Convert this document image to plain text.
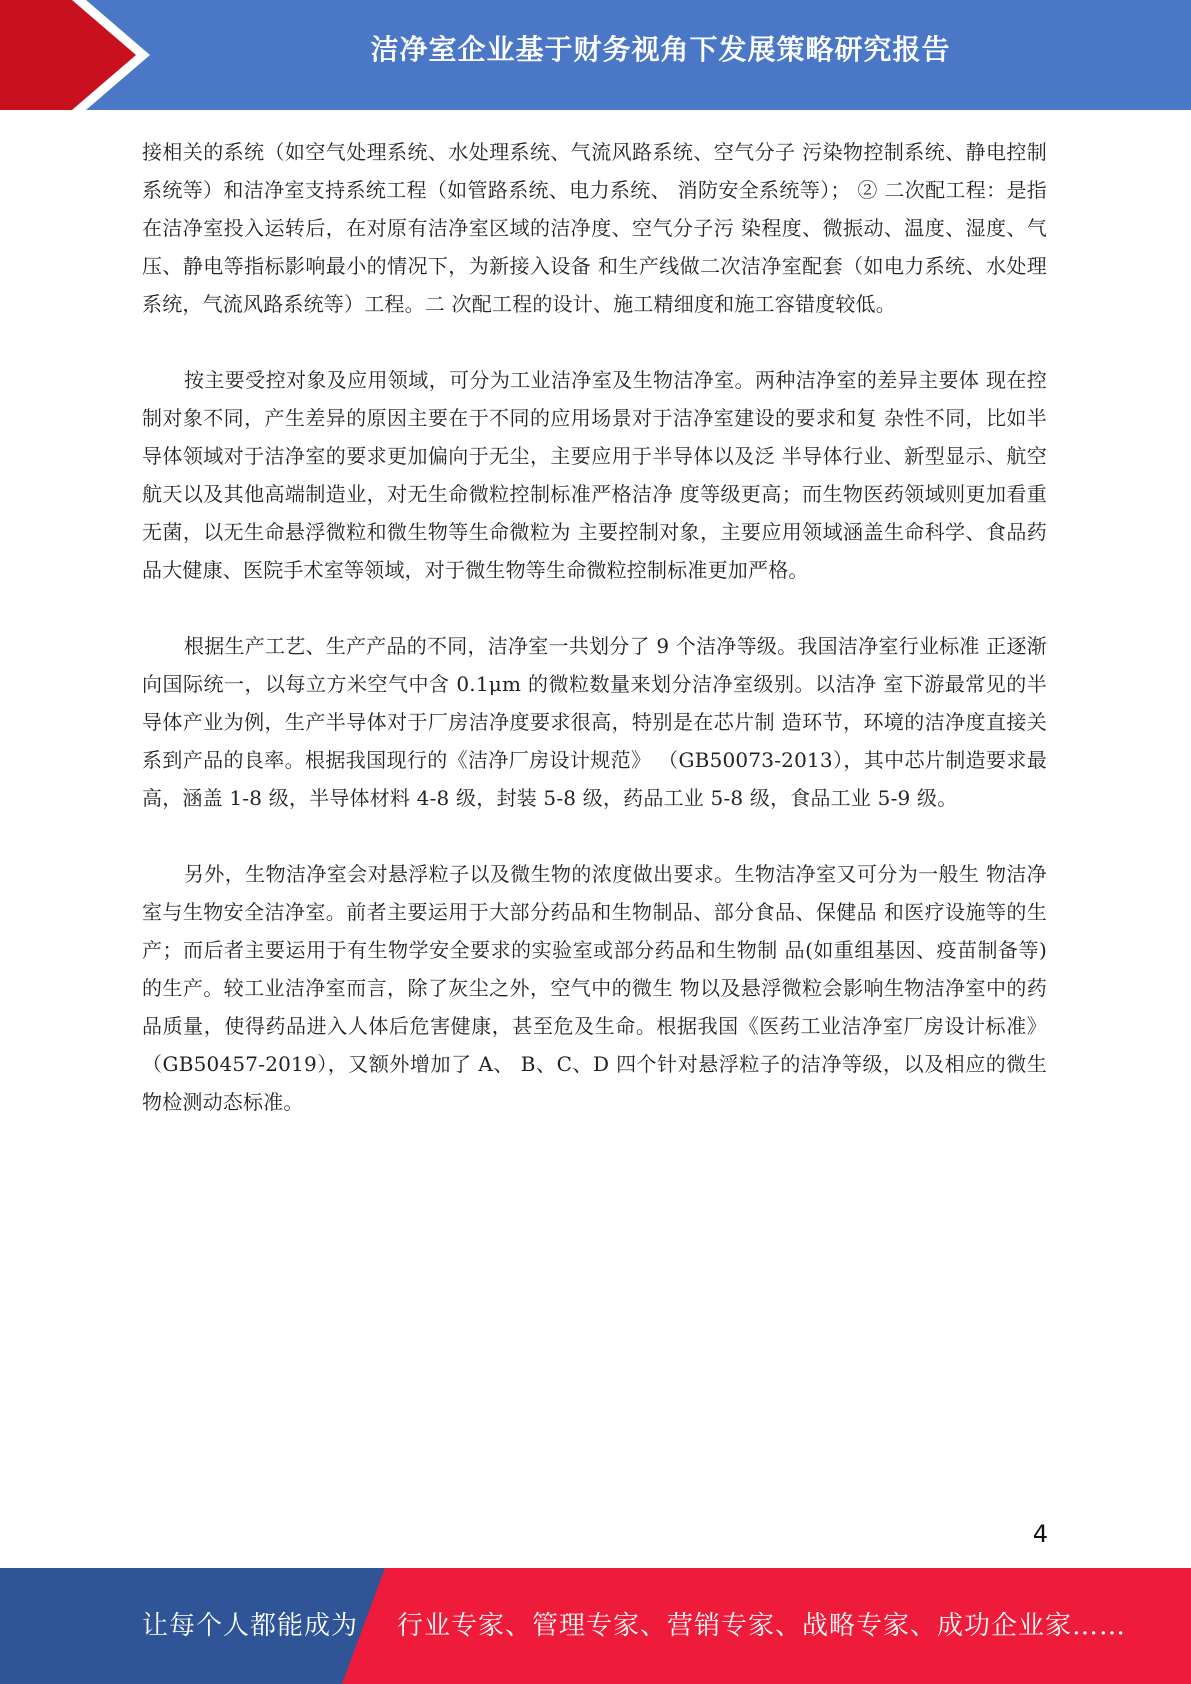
洁净室企业基于财务视角下发展策略研究报告

接相关的系统（如空气处理系统、水处理系统、气流风路系统、空气分子 污染物控制系统、静电控制系统等）和洁净室支持系统工程（如管路系统、电力系统、 消防安全系统等）； ② 二次配工程：是指在洁净室投入运转后，在对原有洁净室区域的洁净度、空气分子污 染程度、微振动、温度、湿度、气压、静电等指标影响最小的情况下，为新接入设备 和生产线做二次洁净室配套（如电力系统、水处理系统，气流风路系统等）工程。二 次配工程的设计、施工精细度和施工容错度较低。

按主要受控对象及应用领域，可分为工业洁净室及生物洁净室。两种洁净室的差异主要体 现在控制对象不同，产生差异的原因主要在于不同的应用场景对于洁净室建设的要求和复 杂性不同，比如半导体领域对于洁净室的要求更加偏向于无尘，主要应用于半导体以及泛 半导体行业、新型显示、航空航天以及其他高端制造业，对无生命微粒控制标准严格洁净 度等级更高；而生物医药领域则更加看重无菌，以无生命悬浮微粒和微生物等生命微粒为 主要控制对象，主要应用领域涵盖生命科学、食品药品大健康、医院手术室等领域，对于微生物等生命微粒控制标准更加严格。

根据生产工艺、生产产品的不同，洁净室一共划分了 9 个洁净等级。我国洁净室行业标准 正逐渐向国际统一，以每立方米空气中含 0.1μm 的微粒数量来划分洁净室级别。以洁净 室下游最常见的半导体产业为例，生产半导体对于厂房洁净度要求很高，特别是在芯片制 造环节，环境的洁净度直接关系到产品的良率。根据我国现行的《洁净厂房设计规范》 （GB50073-2013），其中芯片制造要求最高，涵盖 1-8 级，半导体材料 4-8 级，封装 5-8 级，药品工业 5-8 级，食品工业 5-9 级。

另外，生物洁净室会对悬浮粒子以及微生物的浓度做出要求。生物洁净室又可分为一般生 物洁净室与生物安全洁净室。前者主要运用于大部分药品和生物制品、部分食品、保健品 和医疗设施等的生产；而后者主要运用于有生物学安全要求的实验室或部分药品和生物制 品(如重组基因、疫苗制备等)的生产。较工业洁净室而言，除了灰尘之外，空气中的微生 物以及悬浮微粒会影响生物洁净室中的药品质量，使得药品进入人体后危害健康，甚至危及生命。根据我国《医药工业洁净室厂房设计标准》（GB50457-2019），又额外增加了 A、 B、C、D 四个针对悬浮粒子的洁净等级，以及相应的微生物检测动态标准。

4
让每个人都能成为 行业专家、管理专家、营销专家、战略专家、成功企业家……
